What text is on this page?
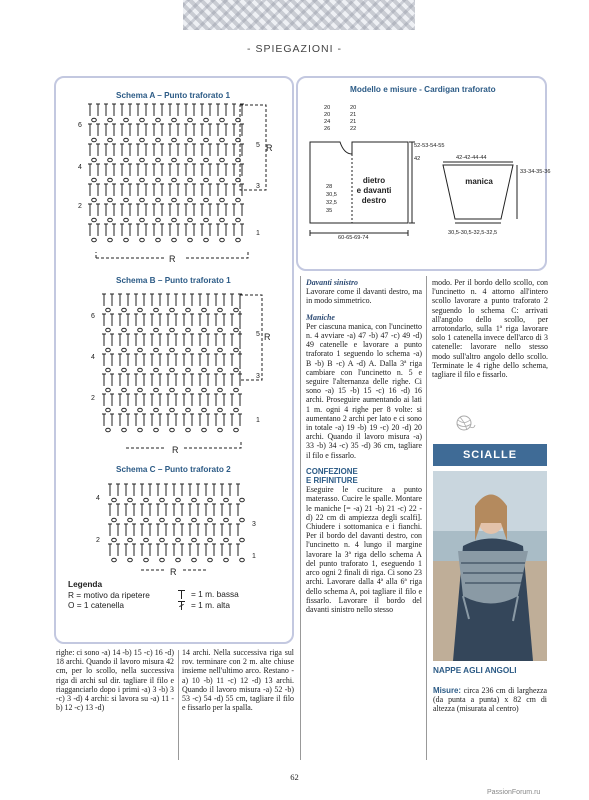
- SPIEGAZIONI -
Schema A – Punto traforato 1
Schema B – Punto traforato 1
Schema C – Punto traforato 2
6
5
4
3
2
1
R
R
6
5
4
3
2
1
R
R
4
3
2
1
R
Legenda
R = motivo da ripetere
O = 1 catenella
= 1 m. bassa
= 1 m. alta
Modello e misure - Cardigan traforato
20
20
24
26
20
21
21
22
52-53-54-55
42
28
30,5
32,5
35
60-65-69-74
42-42-44-44
33-34-35-36
30,5-30,5-32,5-32,5
dietro
e davanti
destro
manica

righe: ci sono -a) 14 -b) 15 -c) 16 -d) 18 archi. Quando il lavoro misura 42 cm, per lo scollo, nella successiva riga di archi sul dir. tagliare il filo e riagganciarlo dopo i primi -a) 3 -b) 3 -c) 3 -d) 4 archi: si lavora su -a) 11 -b) 12 -c) 13 -d)

14 archi. Nella successiva riga sul rov. terminare con 2 m. alte chiuse insieme nell'ultimo arco. Restano -a) 10 -b) 11 -c) 12 -d) 13 archi. Quando il lavoro misura -a) 52 -b) 53 -c) 54 -d) 55 cm, tagliare il filo e fissarlo per la spalla.

Davanti sinistro

Lavorare come il davanti destro, ma in modo simmetrico.

Maniche

Per ciascuna manica, con l'uncinetto n. 4 avviare -a) 47 -b) 47 -c) 49 -d) 49 catenelle e lavorare a punto traforato 1 seguendo lo schema -a) B -b) B -c) A -d) A. Dalla 3ª riga cambiare con l'uncinetto n. 5 e seguire l'alternanza delle righe. Ci sono -a) 15 -b) 15 -c) 16 -d) 16 archi. Proseguire aumentando ai lati 1 m. ogni 4 righe per 8 volte: si aumentano 2 archi per lato e ci sono in totale -a) 19 -b) 19 -c) 20 -d) 20 archi. Quando il lavoro misura -a) 33 -b) 34 -c) 35 -d) 36 cm, tagliare il filo e fissarlo.

CONFEZIONE

E RIFINITURE

Eseguire le cuciture a punto materasso. Cucire le spalle. Montare le maniche [= -a) 21 -b) 21 -c) 22 -d) 22 cm di ampiezza degli scalfi]. Chiudere i sottomanica e i fianchi. Per il bordo del davanti destro, con l'uncinetto n. 4 lungo il margine lavorare la 3ª riga dello schema A del punto traforato 1, eseguendo 1 arco ogni 2 finali di riga. Ci sono 23 archi. Lavorare dalla 4ª alla 6ª riga dello schema A, poi tagliare il filo e fissarlo. Lavorare il bordo del davanti sinistro nello stesso

modo. Per il bordo dello scollo, con l'uncinetto n. 4 attorno all'intero scollo lavorare a punto traforato 2 seguendo lo schema C: arrivati all'angolo dello scollo, per arrotondarlo, sulla 1ª riga lavorare solo 1 catenella invece dell'arco di 3 catenelle: lavorare nello stesso modo sull'altro angolo dello scollo. Terminate le 4 righe dello schema, tagliare il filo e fissarlo.

SCIALLE
NAPPE AGLI ANGOLI

Misure: circa 236 cm di larghezza (da punta a punta) x 82 cm di altezza (misurata al centro)

62
PassionForum.ru
